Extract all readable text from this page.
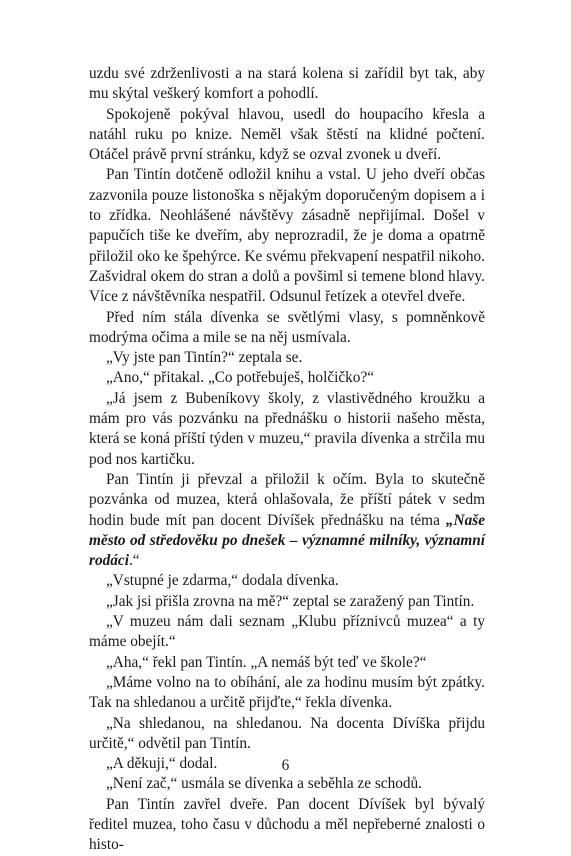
uzdu své zdrženlivosti a na stará kolena si zařídil byt tak, aby mu skýtal veškerý komfort a pohodlí.

Spokojeně pokýval hlavou, usedl do houpacího křesla a natáhl ruku po knize. Neměl však štěstí na klidné počtení. Otáčel právě první stránku, když se ozval zvonek u dveří.

Pan Tintín dotčeně odložil knihu a vstal. U jeho dveří občas zazvonila pouze listonoška s nějakým doporučeným dopisem a i to zřídka. Neohlášené návštěvy zásadně nepřijímal. Došel v papučích tiše ke dveřím, aby neprozradil, že je doma a opatrně přiložil oko ke špehýrce. Ke svému překvapení nespatřil nikoho. Zašvidral okem do stran a dolů a povšiml si temene blond hlavy. Více z návštěvníka nespatřil. Odsunul řetízek a otevřel dveře.

Před ním stála dívenka se světlými vlasy, s pomněnkově modrýma očima a mile se na něj usmívala.

„Vy jste pan Tintín?“ zeptala se.

„Ano,“ přitakal. „Co potřebuješ, holčičko?“

„Já jsem z Bubeníkovy školy, z vlastivědného kroužku a mám pro vás pozvánku na přednášku o historii našeho města, která se koná příští týden v muzeu,“ pravila dívenka a strčila mu pod nos kartičku.

Pan Tintín ji převzal a přiložil k očím. Byla to skutečně pozvánka od muzea, která ohlašovala, že příští pátek v sedm hodin bude mít pan docent Dívíšek přednášku na téma „Naše město od středověku po dnešek – významné milníky, významní rodáci.“

„Vstupné je zdarma,“ dodala dívenka.

„Jak jsi přišla zrovna na mě?“ zeptal se zaražený pan Tintín.

„V muzeu nám dali seznam „Klubu příznivců muzea“ a ty máme obejít.“

„Aha,“ řekl pan Tintín. „A nemáš být teď ve škole?“

„Máme volno na to obíhání, ale za hodinu musím být zpátky. Tak na shledanou a určitě přijďte,“ řekla dívenka.

„Na shledanou, na shledanou. Na docenta Dívíška přijdu určitě,“ odvětil pan Tintín.

„A děkuji,“ dodal.

„Není zač,“ usmála se dívenka a seběhla ze schodů.

Pan Tintín zavřel dveře. Pan docent Dívíšek byl bývalý ředitel muzea, toho času v důchodu a měl nepřeberné znalosti o histo-

6
